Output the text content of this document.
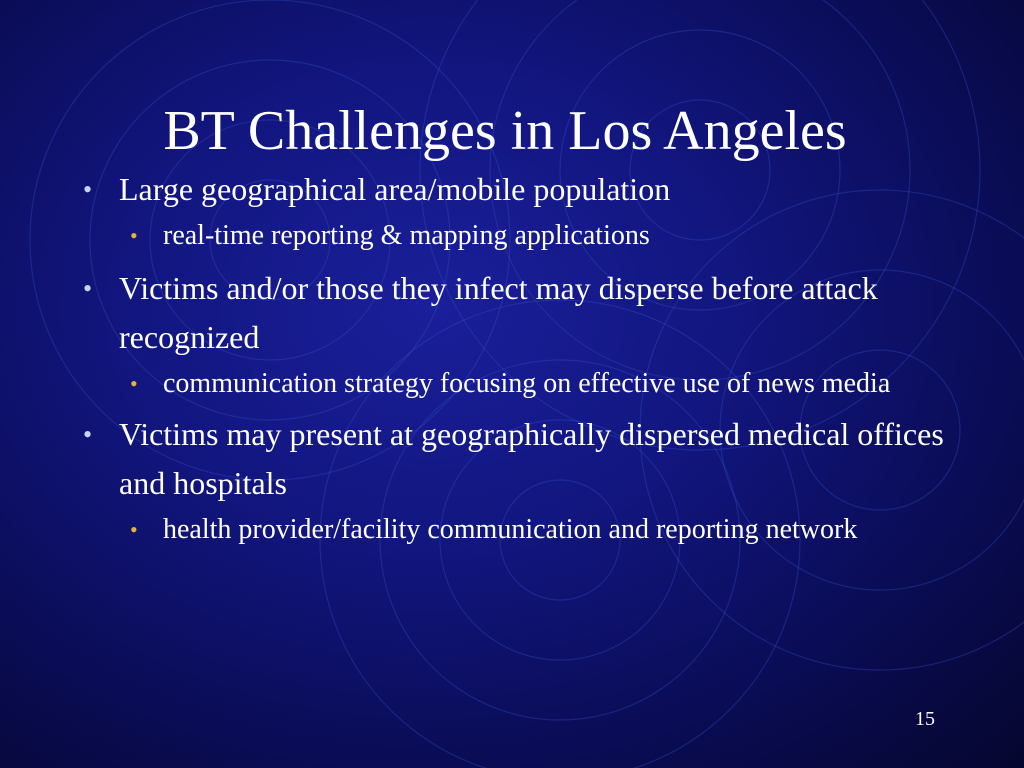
BT Challenges in Los Angeles
• Large geographical area/mobile population
• real-time reporting & mapping applications
• Victims and/or those they infect may disperse before attack recognized
• communication strategy focusing on effective use of news media
• Victims may present at geographically dispersed medical offices and hospitals
• health provider/facility communication and reporting network
15
